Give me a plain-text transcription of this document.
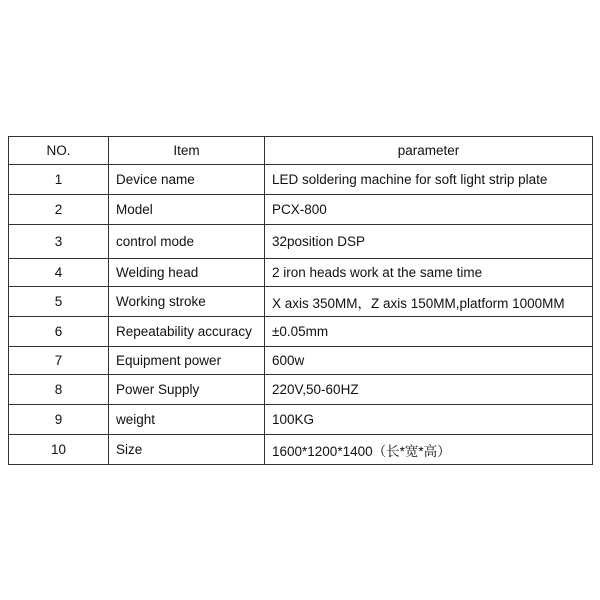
NO.	Item	parameter
1	Device name	LED soldering machine for soft light strip plate
2	Model	PCX-800
3	control mode	32position DSP
4	Welding head	2 iron heads work at the same time
5	Working stroke	X axis 350MM，Z axis 150MM,platform 1000MM
6	Repeatability accuracy	±0.05mm
7	Equipment power	600w
8	Power Supply	220V,50-60HZ
9	weight	100KG
10	Size	1600*1200*1400（长*宽*高）
